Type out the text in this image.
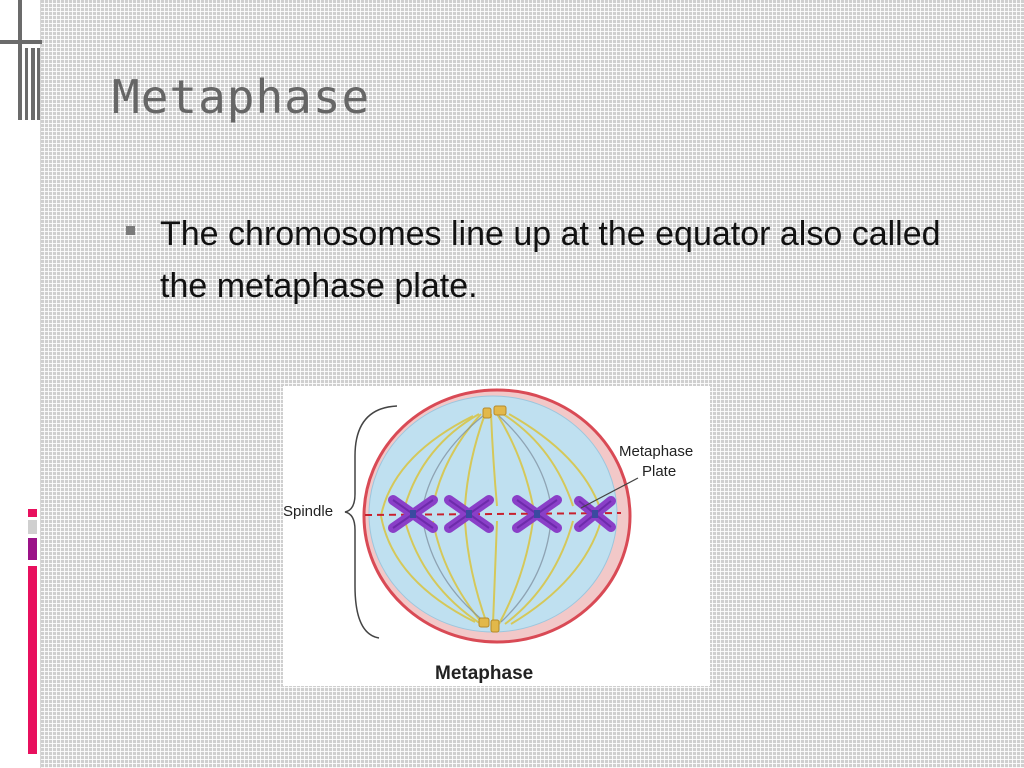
Metaphase
The chromosomes line up at the equator also called the metaphase plate.
Spindle
Metaphase
Plate
Metaphase
